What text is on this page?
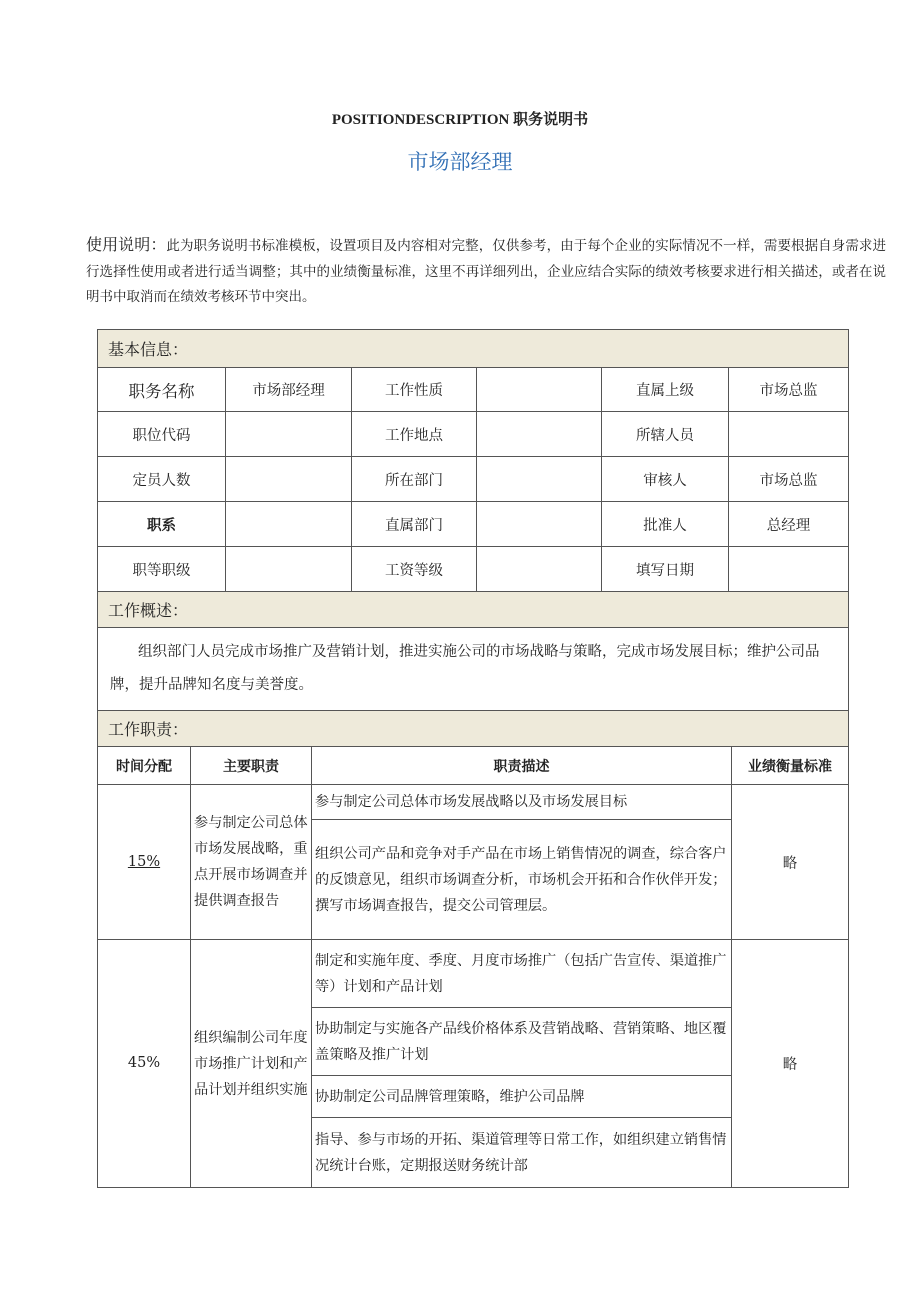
POSITIONDESCRIPTION 职务说明书
市场部经理
使用说明：此为职务说明书标准模板，设置项目及内容相对完整，仅供参考，由于每个企业的实际情况不一样，需要根据自身需求进行选择性使用或者进行适当调整；其中的业绩衡量标准，这里不再详细列出，企业应结合实际的绩效考核要求进行相关描述，或者在说明书中取消而在绩效考核环节中突出。
基本信息：					
职务名称	市场部经理	工作性质		直属上级	市场总监
职位代码		工作地点		所辖人员	
定员人数		所在部门		审核人	市场总监
职系		直属部门		批准人	总经理
职等职级		工资等级		填写日期	
工作概述：					

组织部门人员完成市场推广及营销计划，推进实施公司的市场战略与策略，完成市场发展目标；维护公司品牌，提升品牌知名度与美誉度。					

工作职责：					
时间分配	主要职责	职责描述	业绩衡量标准
15%	参与制定公司总体市场发展战略，重点开展市场调查并提供调查报告	参与制定公司总体市场发展战略以及市场发展目标	略
		组织公司产品和竞争对手产品在市场上销售情况的调查，综合客户的反馈意见，组织市场调查分析，市场机会开拓和合作伙伴开发；撰写市场调查报告，提交公司管理层。	
45%	组织编制公司年度市场推广计划和产品计划并组织实施	制定和实施年度、季度、月度市场推广（包括广告宣传、渠道推广等）计划和产品计划	略
		协助制定与实施各产品线价格体系及营销战略、营销策略、地区覆盖策略及推广计划	
		协助制定公司品牌管理策略，维护公司品牌	
		指导、参与市场的开拓、渠道管理等日常工作，如组织建立销售情况统计台账，定期报送财务统计部	
